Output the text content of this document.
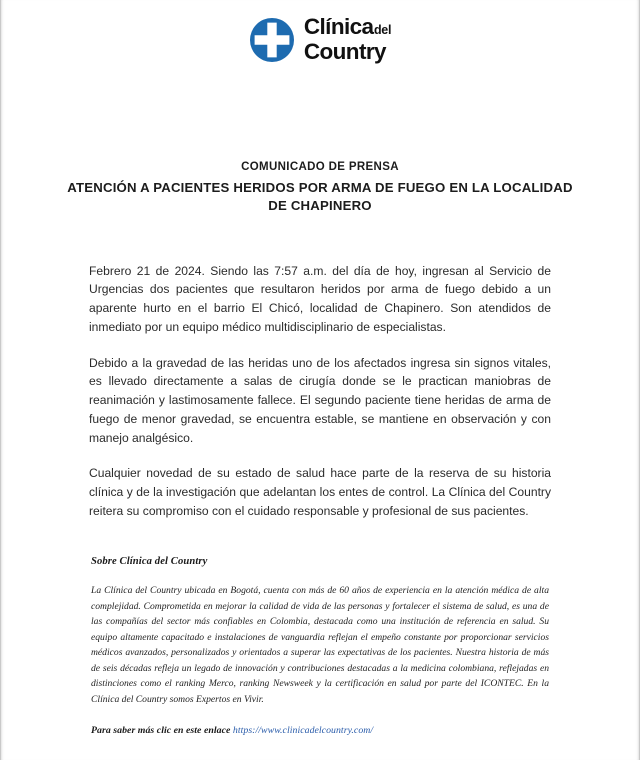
Clínica del
Country

COMUNICADO DE PRENSA

ATENCIÓN A PACIENTES HERIDOS POR ARMA DE FUEGO EN LA LOCALIDAD DE CHAPINERO

Febrero 21 de 2024. Siendo las 7:57 a.m. del día de hoy, ingresan al Servicio de Urgencias dos pacientes que resultaron heridos por arma de fuego debido a un aparente hurto en el barrio El Chicó, localidad de Chapinero. Son atendidos de inmediato por un equipo médico multidisciplinario de especialistas.

Debido a la gravedad de las heridas uno de los afectados ingresa sin signos vitales, es llevado directamente a salas de cirugía donde se le practican maniobras de reanimación y lastimosamente fallece. El segundo paciente tiene heridas de arma de fuego de menor gravedad, se encuentra estable, se mantiene en observación y con manejo analgésico.

Cualquier novedad de su estado de salud hace parte de la reserva de su historia clínica y de la investigación que adelantan los entes de control. La Clínica del Country reitera su compromiso con el cuidado responsable y profesional de sus pacientes.

Sobre Clínica del Country

La Clínica del Country ubicada en Bogotá, cuenta con más de 60 años de experiencia en la atención médica de alta complejidad. Comprometida en mejorar la calidad de vida de las personas y fortalecer el sistema de salud, es una de las compañías del sector más confiables en Colombia, destacada como una institución de referencia en salud. Su equipo altamente capacitado e instalaciones de vanguardia reflejan el empeño constante por proporcionar servicios médicos avanzados, personalizados y orientados a superar las expectativas de los pacientes. Nuestra historia de más de seis décadas refleja un legado de innovación y contribuciones destacadas a la medicina colombiana, reflejadas en distinciones como el ranking Merco, ranking Newsweek y la certificación en salud por parte del ICONTEC. En la Clínica del Country somos Expertos en Vivir.

Para saber más clic en este enlace https://www.clinicadelcountry.com/
